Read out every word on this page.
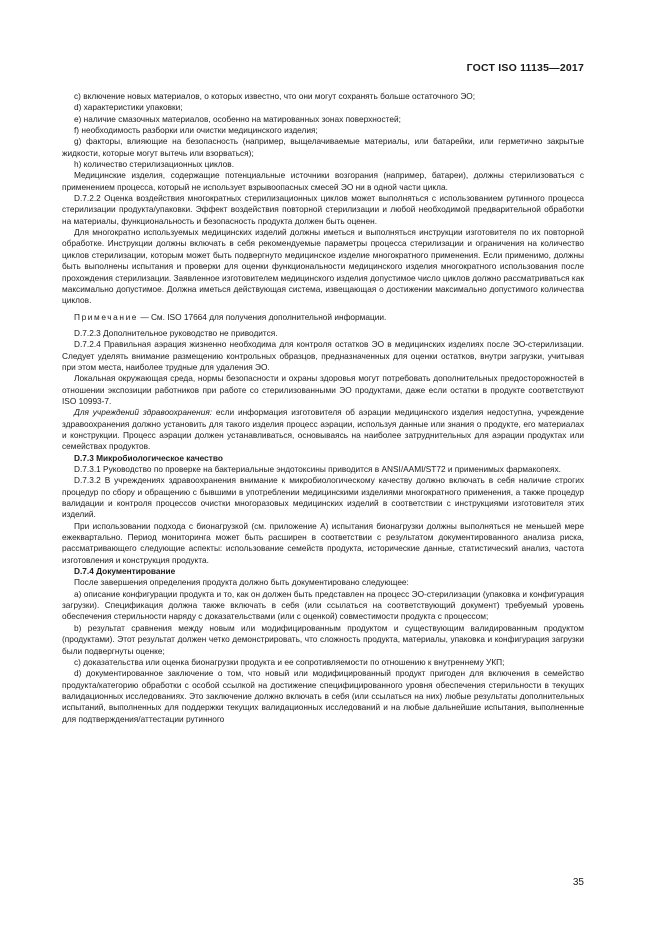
ГОСТ ISO 11135—2017

c) включение новых материалов, о которых известно, что они могут сохранять больше остаточного ЭО;

d) характеристики упаковки;

e) наличие смазочных материалов, особенно на матированных зонах поверхностей;

f) необходимость разборки или очистки медицинского изделия;

g) факторы, влияющие на безопасность (например, выщелачиваемые материалы, или батарейки, или герметично закрытые жидкости, которые могут вытечь или взорваться);

h) количество стерилизационных циклов.

Медицинские изделия, содержащие потенциальные источники возгорания (например, батареи), должны стерилизоваться с применением процесса, который не использует взрывоопасных смесей ЭО ни в одной части цикла.

D.7.2.2 Оценка воздействия многократных стерилизационных циклов может выполняться с использованием рутинного процесса стерилизации продукта/упаковки. Эффект воздействия повторной стерилизации и любой необходимой предварительной обработки на материалы, функциональность и безопасность продукта должен быть оценен.

Для многократно используемых медицинских изделий должны иметься и выполняться инструкции изготовителя по их повторной обработке. Инструкции должны включать в себя рекомендуемые параметры процесса стерилизации и ограничения на количество циклов стерилизации, которым может быть подвергнуто медицинское изделие многократного применения. Если применимо, должны быть выполнены испытания и проверки для оценки функциональности медицинского изделия многократного использования после прохождения стерилизации. Заявленное изготовителем медицинского изделия допустимое число циклов должно рассматриваться как максимально допустимое. Должна иметься действующая система, извещающая о достижении максимально допустимого количества циклов.

Примечание — См. ISO 17664 для получения дополнительной информации.

D.7.2.3 Дополнительное руководство не приводится.

D.7.2.4 Правильная аэрация жизненно необходима для контроля остатков ЭО в медицинских изделиях после ЭО-стерилизации. Следует уделять внимание размещению контрольных образцов, предназначенных для оценки остатков, внутри загрузки, учитывая при этом места, наиболее трудные для удаления ЭО.

Локальная окружающая среда, нормы безопасности и охраны здоровья могут потребовать дополнительных предосторожностей в отношении экспозиции работников при работе со стерилизованными ЭО продуктами, даже если остатки в продукте соответствуют ISO 10993-7.

Для учреждений здравоохранения: если информация изготовителя об аэрации медицинского изделия недоступна, учреждение здравоохранения должно установить для такого изделия процесс аэрации, используя данные или знания о продукте, его материалах и конструкции. Процесс аэрации должен устанавливаться, основываясь на наиболее затруднительных для аэрации продуктах или семействах продуктов.

D.7.3 Микробиологическое качество

D.7.3.1 Руководство по проверке на бактериальные эндотоксины приводится в ANSI/AAMI/ST72 и применимых фармакопеях.

D.7.3.2 В учреждениях здравоохранения внимание к микробиологическому качеству должно включать в себя наличие строгих процедур по сбору и обращению с бывшими в употреблении медицинскими изделиями многократного применения, а также процедур валидации и контроля процессов очистки многоразовых медицинских изделий в соответствии с инструкциями изготовителя этих изделий.

При использовании подхода с бионагрузкой (см. приложение А) испытания бионагрузки должны выполняться не меньшей мере ежеквартально. Период мониторинга может быть расширен в соответствии с результатом документированного анализа риска, рассматривающего следующие аспекты: использование семейств продукта, исторические данные, статистический анализ, частота изготовления и конструкция продукта.

D.7.4 Документирование

После завершения определения продукта должно быть документировано следующее:

a) описание конфигурации продукта и то, как он должен быть представлен на процесс ЭО-стерилизации (упаковка и конфигурация загрузки). Спецификация должна также включать в себя (или ссылаться на соответствующий документ) требуемый уровень обеспечения стерильности наряду с доказательствами (или с оценкой) совместимости продукта с процессом;

b) результат сравнения между новым или модифицированным продуктом и существующим валидированным продуктом (продуктами). Этот результат должен четко демонстрировать, что сложность продукта, материалы, упаковка и конфигурация загрузки были подвергнуты оценке;

c) доказательства или оценка бионагрузки продукта и ее сопротивляемости по отношению к внутреннему УКП;

d) документированное заключение о том, что новый или модифицированный продукт пригоден для включения в семейство продукта/категорию обработки с особой ссылкой на достижение специфицированного уровня обеспечения стерильности в текущих валидационных исследованиях. Это заключение должно включать в себя (или ссылаться на них) любые результаты дополнительных испытаний, выполненных для поддержки текущих валидационных исследований и на любые дальнейшие испытания, выполненные для подтверждения/аттестации рутинного

35
